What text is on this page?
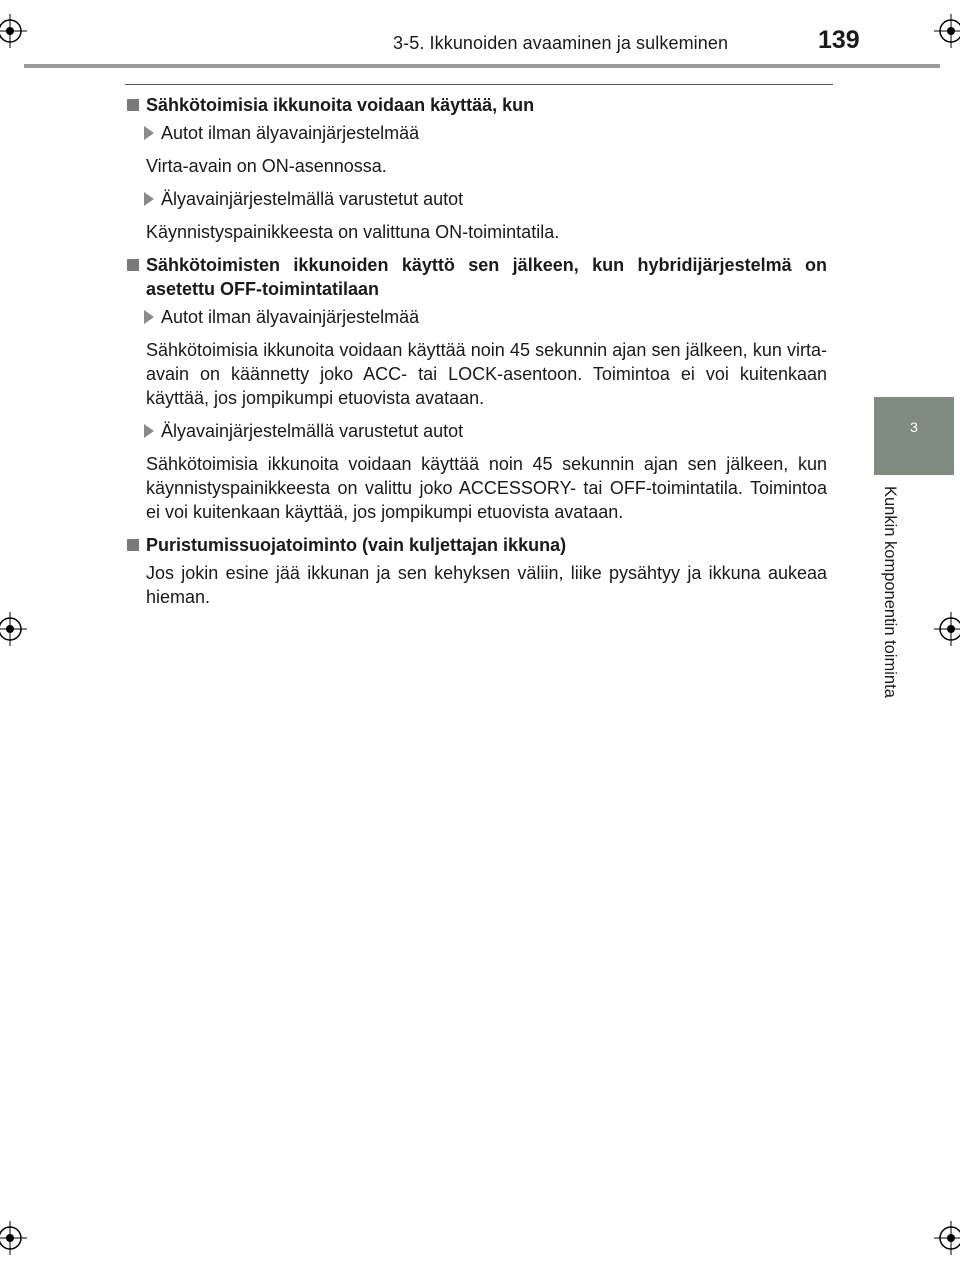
3-5. Ikkunoiden avaaminen ja sulkeminen	139
3
Kunkin komponentin toiminta
Sähkötoimisia ikkunoita voidaan käyttää, kun
Autot ilman älyavainjärjestelmää
Virta-avain on ON-asennossa.
Älyavainjärjestelmällä varustetut autot
Käynnistyspainikkeesta on valittuna ON-toimintatila.
Sähkötoimisten ikkunoiden käyttö sen jälkeen, kun hybridijärjestelmä on asetettu OFF-toimintatilaan
Autot ilman älyavainjärjestelmää
Sähkötoimisia ikkunoita voidaan käyttää noin 45 sekunnin ajan sen jälkeen, kun virta-avain on käännetty joko ACC- tai LOCK-asentoon. Toimintoa ei voi kuitenkaan käyttää, jos jompikumpi etuovista avataan.
Älyavainjärjestelmällä varustetut autot
Sähkötoimisia ikkunoita voidaan käyttää noin 45 sekunnin ajan sen jälkeen, kun käynnistyspainikkeesta on valittu joko ACCESSORY- tai OFF-toimintatila. Toimintoa ei voi kuitenkaan käyttää, jos jompikumpi etuovista avataan.
Puristumissuojatoiminto (vain kuljettajan ikkuna)
Jos jokin esine jää ikkunan ja sen kehyksen väliin, liike pysähtyy ja ikkuna aukeaa hieman.
